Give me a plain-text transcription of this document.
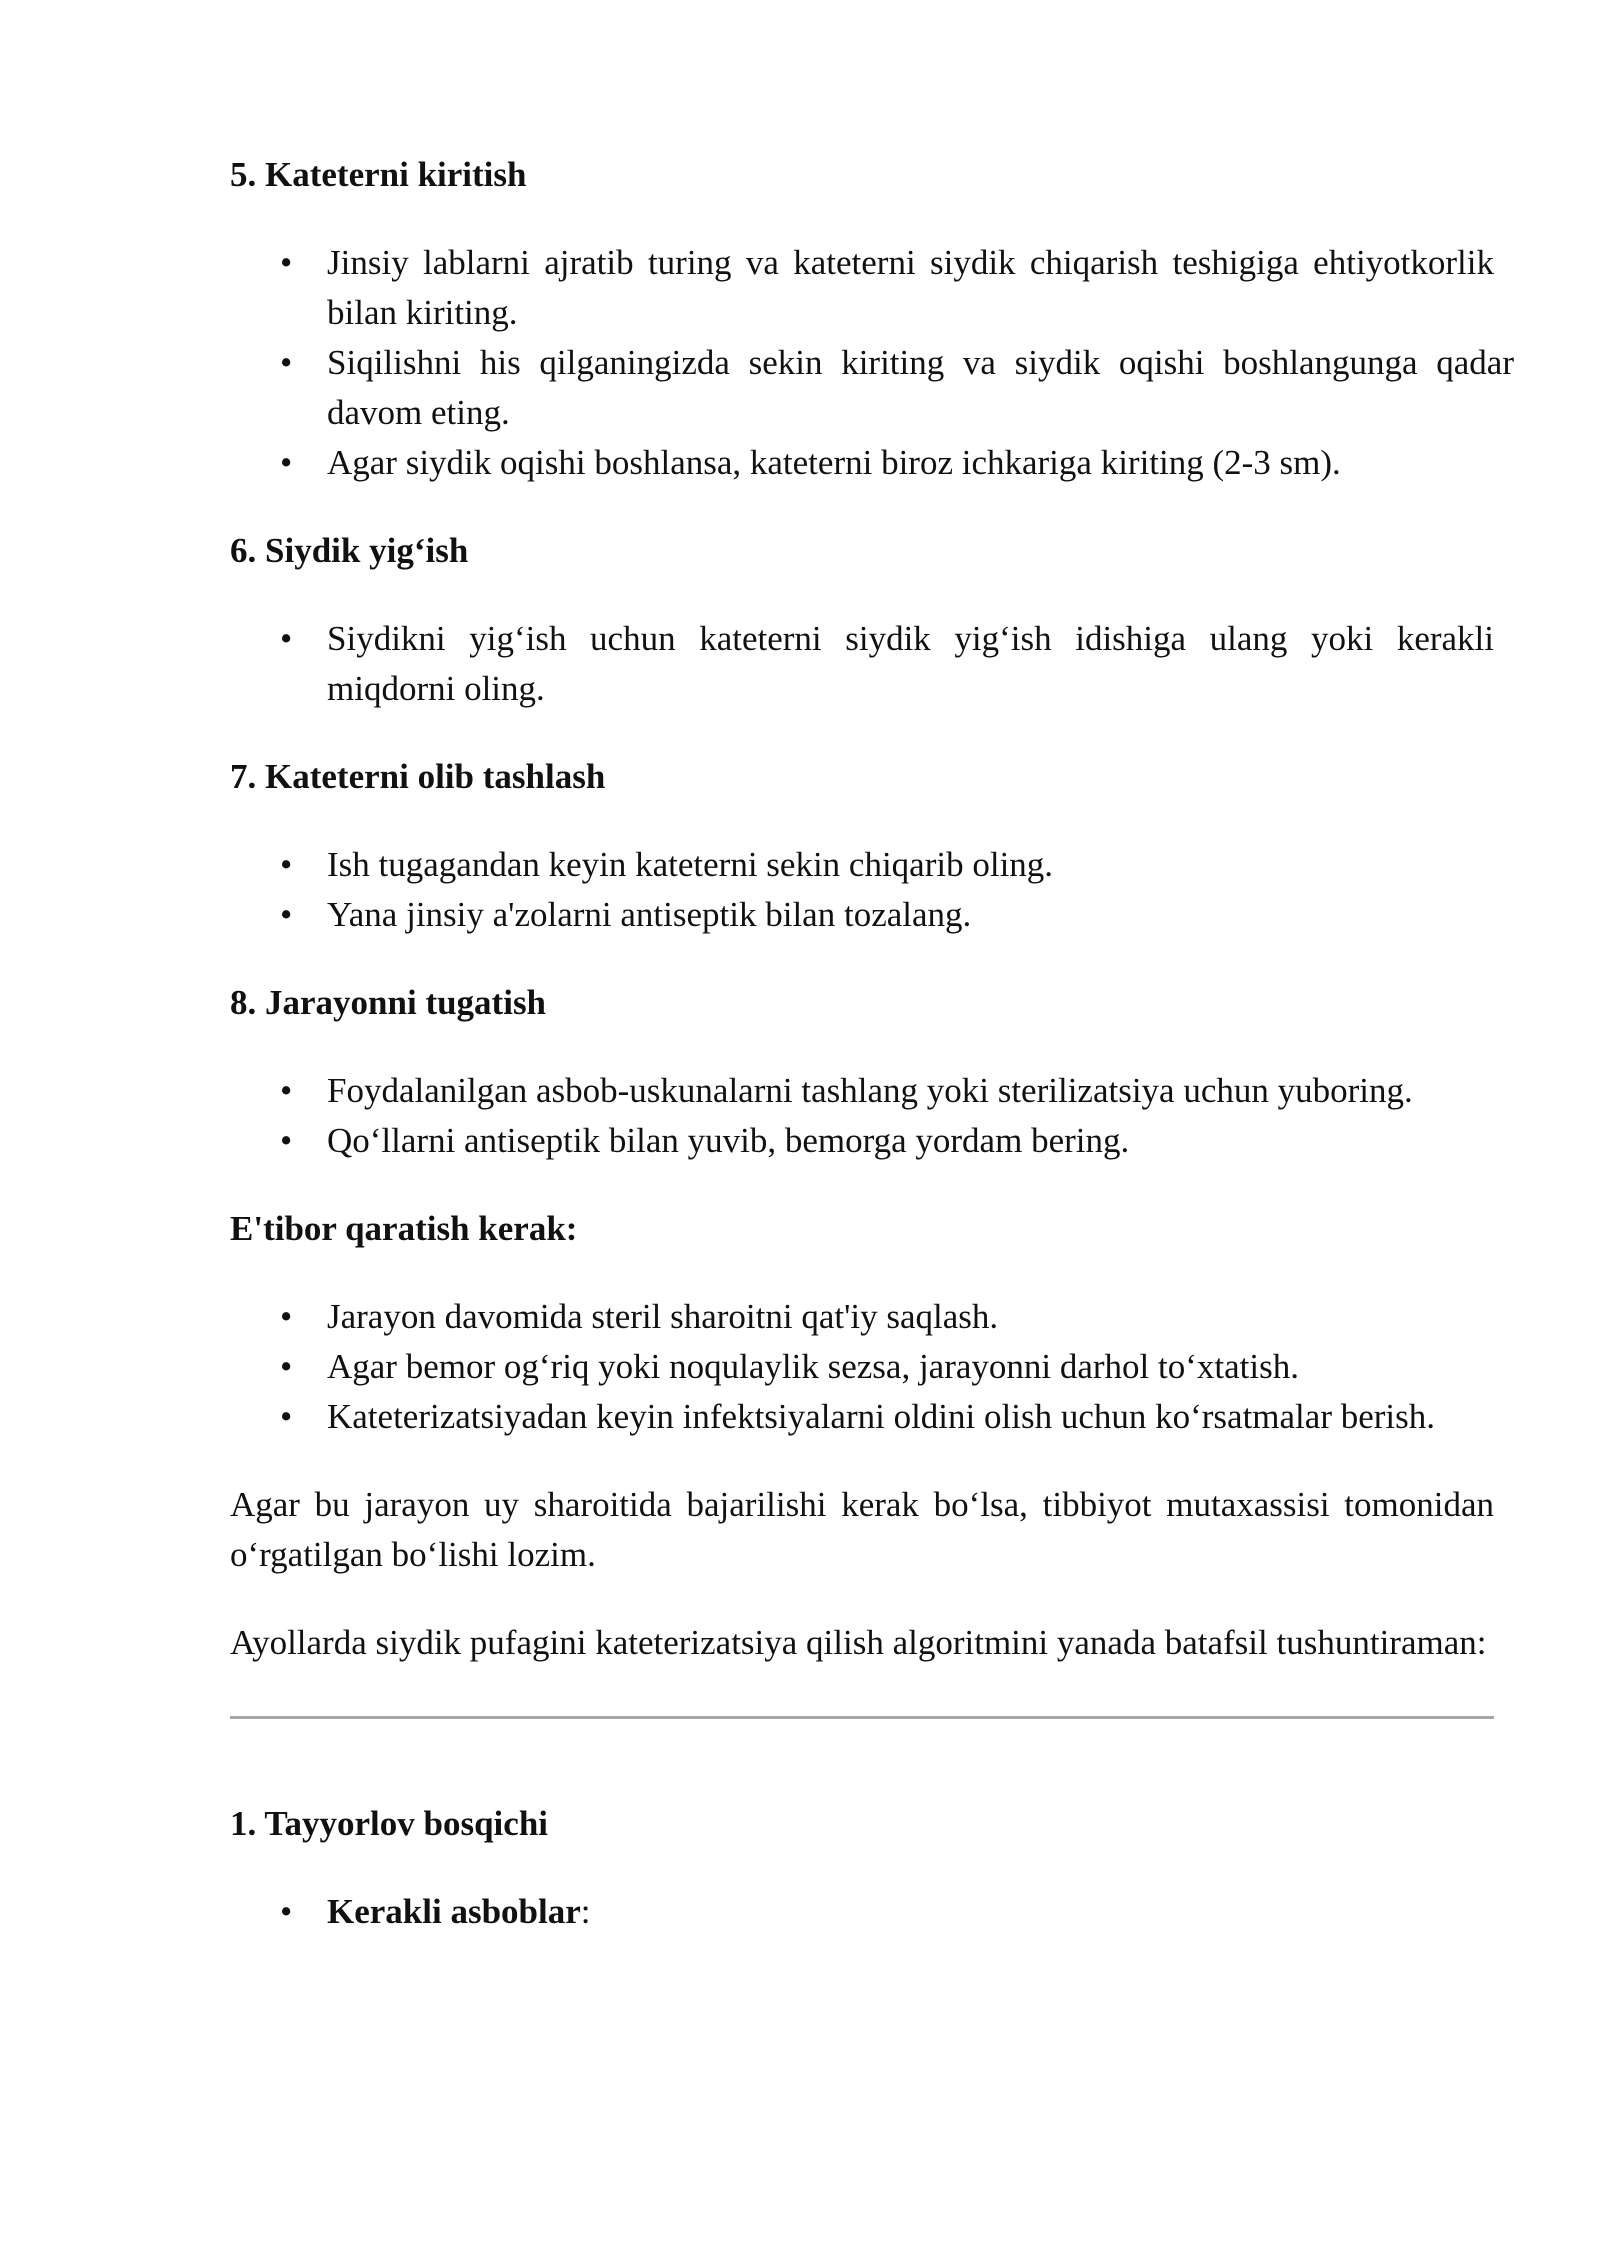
5. Kateterni kiritish
• Jinsiy lablarni ajratib turing va kateterni siydik chiqarish teshigiga ehtiyotkorlik bilan kiriting.
• Siqilishni his qilganingizda sekin kiriting va siydik oqishi boshlangunga qadar davom eting.
• Agar siydik oqishi boshlansa, kateterni biroz ichkariga kiriting (2-3 sm).
6. Siydik yig‘ish
• Siydikni yig‘ish uchun kateterni siydik yig‘ish idishiga ulang yoki kerakli miqdorni oling.
7. Kateterni olib tashlash
• Ish tugagandan keyin kateterni sekin chiqarib oling.
• Yana jinsiy a'zolarni antiseptik bilan tozalang.
8. Jarayonni tugatish
• Foydalanilgan asbob-uskunalarni tashlang yoki sterilizatsiya uchun yuboring.
• Qo‘llarni antiseptik bilan yuvib, bemorga yordam bering.
E'tibor qaratish kerak:
• Jarayon davomida steril sharoitni qat'iy saqlash.
• Agar bemor og‘riq yoki noqulaylik sezsa, jarayonni darhol to‘xtatish.
• Kateterizatsiyadan keyin infektsiyalarni oldini olish uchun ko‘rsatmalar berish.

Agar bu jarayon uy sharoitida bajarilishi kerak bo‘lsa, tibbiyot mutaxassisi tomonidan o‘rgatilgan bo‘lishi lozim.

Ayollarda siydik pufagini kateterizatsiya qilish algoritmini yanada batafsil tushuntiraman:

1. Tayyorlov bosqichi
• Kerakli asboblar:
